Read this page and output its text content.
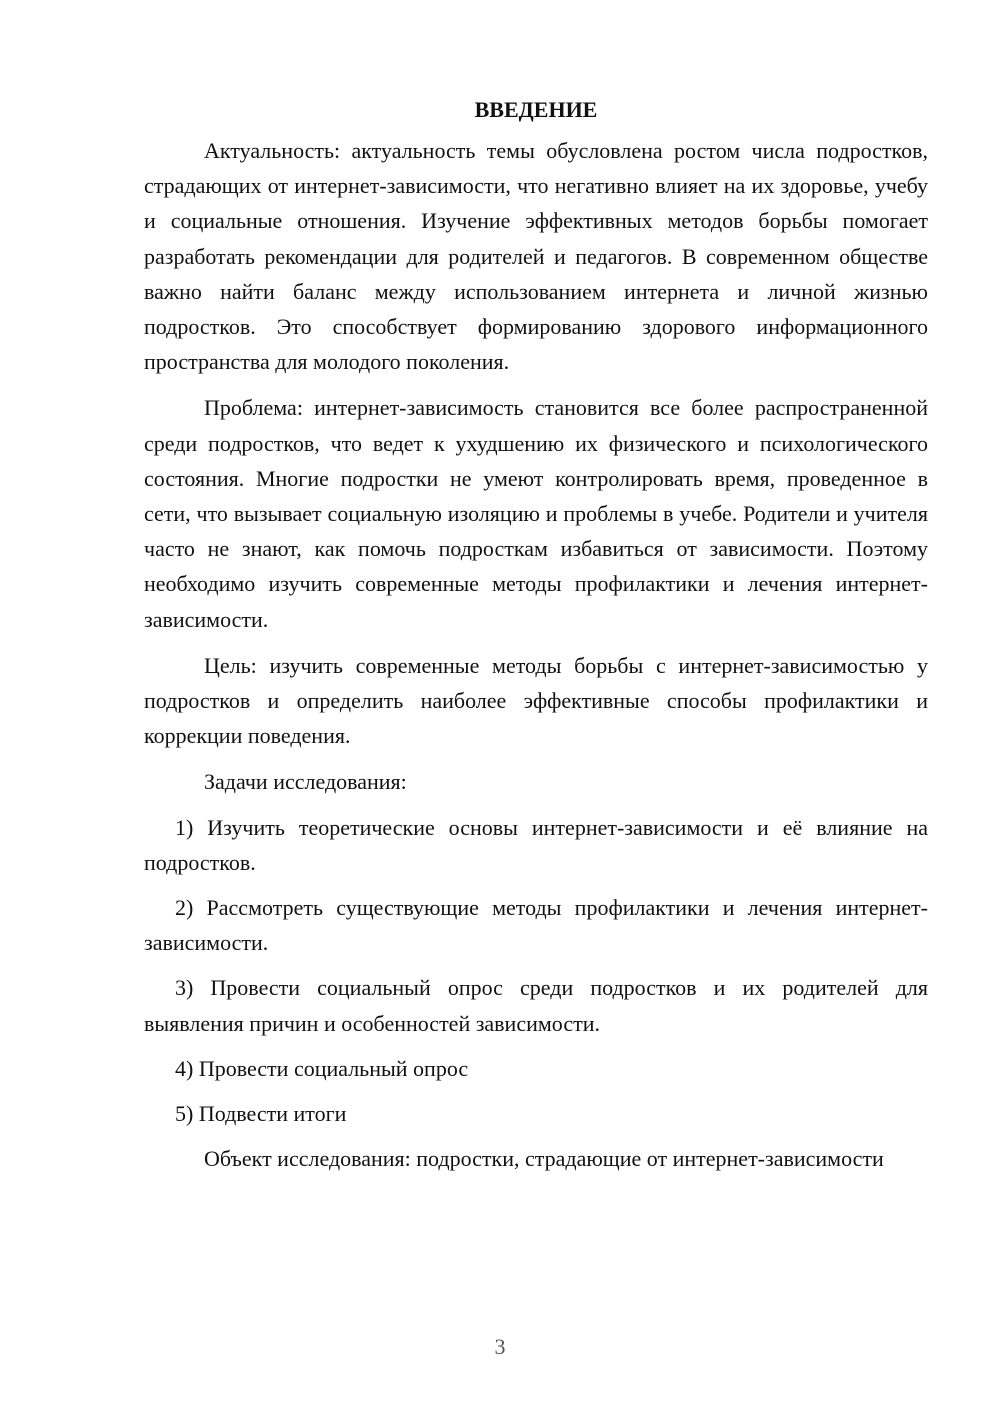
ВВЕДЕНИЕ

Актуальность: актуальность темы обусловлена ростом числа подростков, страдающих от интернет-зависимости, что негативно влияет на их здоровье, учебу и социальные отношения. Изучение эффективных методов борьбы помогает разработать рекомендации для родителей и педагогов. В современном обществе важно найти баланс между использованием интернета и личной жизнью подростков. Это способствует формированию здорового информационного пространства для молодого поколения.

Проблема: интернет-зависимость становится все более распространенной среди подростков, что ведет к ухудшению их физического и психологического состояния. Многие подростки не умеют контролировать время, проведенное в сети, что вызывает социальную изоляцию и проблемы в учебе. Родители и учителя часто не знают, как помочь подросткам избавиться от зависимости. Поэтому необходимо изучить современные методы профилактики и лечения интернет-зависимости.

Цель: изучить современные методы борьбы с интернет-зависимостью у подростков и определить наиболее эффективные способы профилактики и коррекции поведения.

Задачи исследования:

1) Изучить теоретические основы интернет-зависимости и её влияние на подростков.

2) Рассмотреть существующие методы профилактики и лечения интернет-зависимости.

3) Провести социальный опрос среди подростков и их родителей для выявления причин и особенностей зависимости.

4) Провести социальный опрос

5) Подвести итоги

Объект исследования: подростки, страдающие от интернет-зависимости

3
